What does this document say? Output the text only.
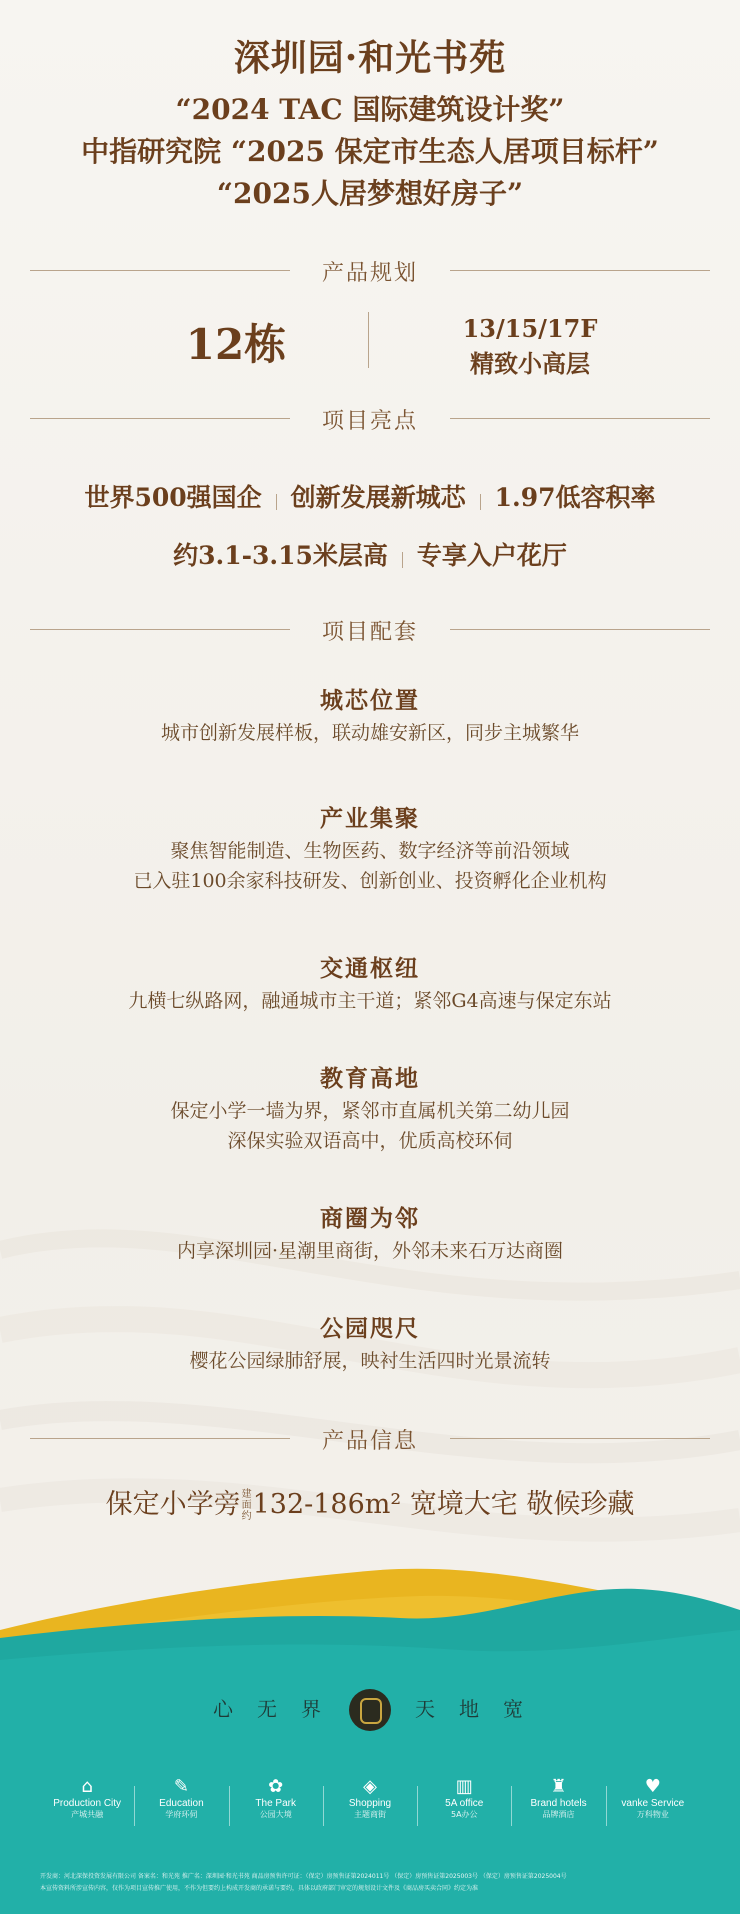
深圳园·和光书苑
“2024 TAC 国际建筑设计奖”
中指研究院 “2025 保定市生态人居项目标杆”
“2025人居梦想好房子”
产品规划
12栋	13/15/17F
精致小高层
项目亮点
世界500强国企 创新发展新城芯 1.97低容积率
约3.1-3.15米层高 专享入户花厅
项目配套
城芯位置
城市创新发展样板，联动雄安新区，同步主城繁华
产业集聚
聚焦智能制造、生物医药、数字经济等前沿领域
已入驻100余家科技研发、创新创业、投资孵化企业机构
交通枢纽
九横七纵路网，融通城市主干道；紧邻G4高速与保定东站
教育高地
保定小学一墙为界，紧邻市直属机关第二幼儿园
深保实验双语高中，优质高校环伺
商圈为邻
内享深圳园·星潮里商街，外邻未来石万达商圈
公园咫尺
樱花公园绿肺舒展，映衬生活四时光景流转
产品信息
保定小学旁建面约132-186m² 宽境大宅 敬候珍藏
心 无 界	天 地 宽
⌂
Production City
产城共融
✎
Education
学府环伺
✿
The Park
公园大境
◈
Shopping
主题商街
▥
5A office
5A办公
♜
Brand hotels
品牌酒店
♥
vanke Service
万科物业
开发商：河北深保投资发展有限公司 备案名：和光苑 推广名：深圳园·和光书苑 商品房预售许可证：（保定）房预售证第2024011号 （保定）房预售证第2025003号 （保定）房预售证第2025004号
本宣传资料所涉宣传内容，仅作为项目宣传推广使用，不作为但要约上构成开发商的承诺与要约，具体以政府部门审定的规划设计文件及《商品房买卖合同》约定为准
